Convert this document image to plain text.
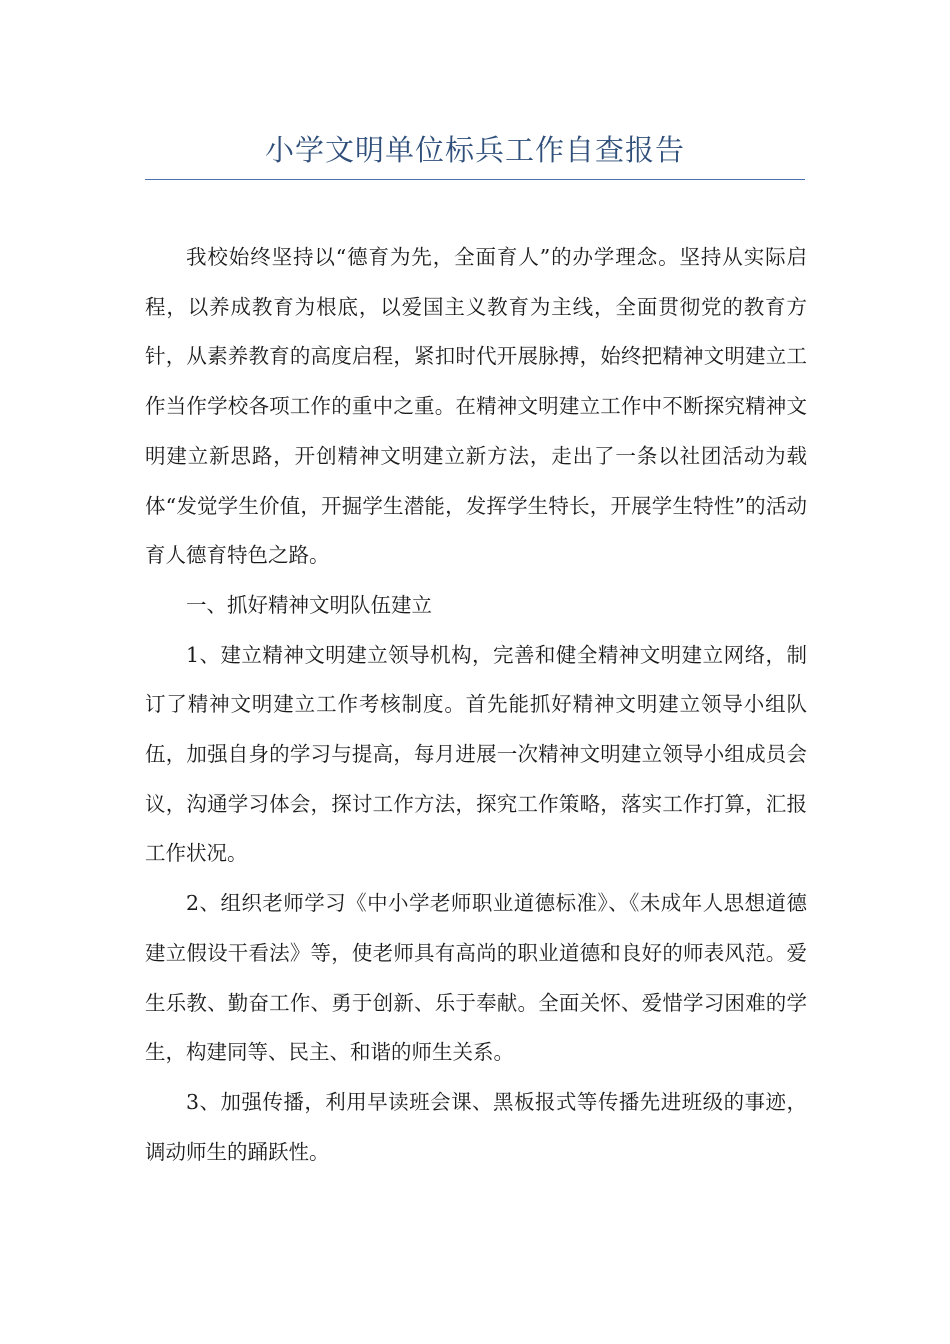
小学文明单位标兵工作自查报告

我校始终坚持以“德育为先，全面育人”的办学理念。坚持从实际启程，以养成教育为根底，以爱国主义教育为主线，全面贯彻党的教育方针，从素养教育的高度启程，紧扣时代开展脉搏，始终把精神文明建立工作当作学校各项工作的重中之重。在精神文明建立工作中不断探究精神文明建立新思路，开创精神文明建立新方法，走出了一条以社团活动为载体“发觉学生价值，开掘学生潜能，发挥学生特长，开展学生特性”的活动育人德育特色之路。

一、抓好精神文明队伍建立

1、建立精神文明建立领导机构，完善和健全精神文明建立网络，制订了精神文明建立工作考核制度。首先能抓好精神文明建立领导小组队伍，加强自身的学习与提高，每月进展一次精神文明建立领导小组成员会议，沟通学习体会，探讨工作方法，探究工作策略，落实工作打算，汇报工作状况。

2、组织老师学习《中小学老师职业道德标准》、《未成年人思想道德建立假设干看法》等，使老师具有高尚的职业道德和良好的师表风范。爱生乐教、勤奋工作、勇于创新、乐于奉献。全面关怀、爱惜学习困难的学生，构建同等、民主、和谐的师生关系。

3、加强传播，利用早读班会课、黑板报式等传播先进班级的事迹，调动师生的踊跃性。
